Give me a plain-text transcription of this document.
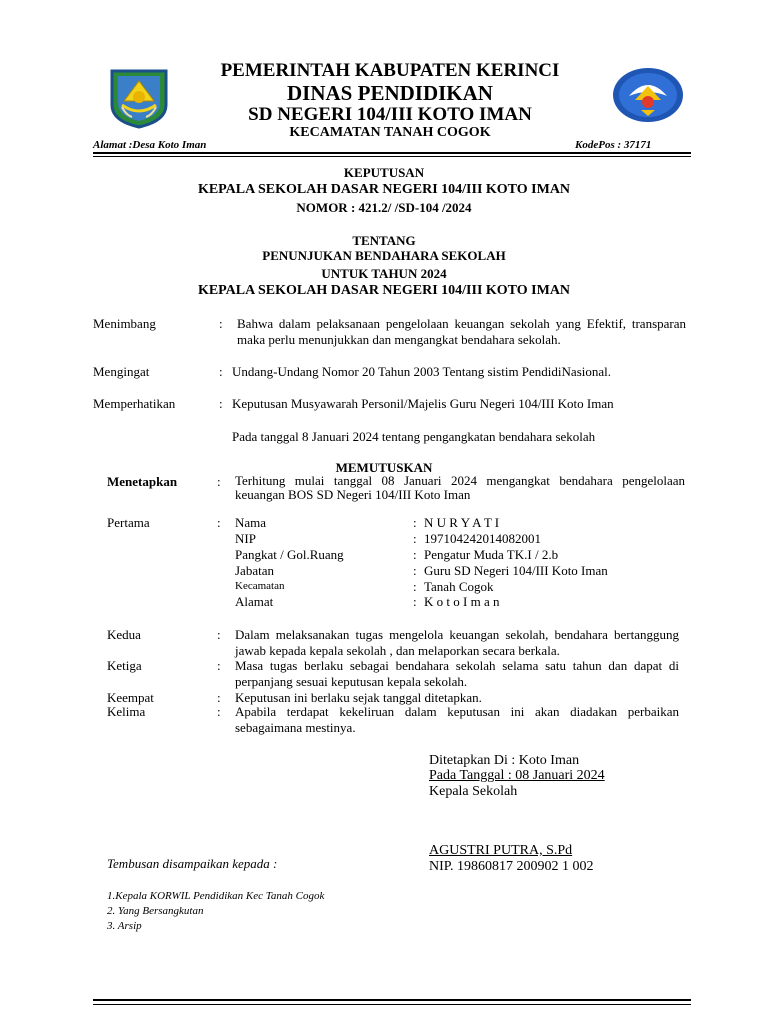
PEMERINTAH KABUPATEN KERINCI
DINAS PENDIDIKAN
SD NEGERI 104/III KOTO IMAN
KECAMATAN TANAH COGOK
Alamat :Desa Koto Iman	KodePos : 37171
KEPUTUSAN
KEPALA SEKOLAH DASAR NEGERI 104/III KOTO IMAN
NOMOR : 421.2/ /SD-104 /2024
TENTANG
PENUNJUKAN BENDAHARA SEKOLAH
UNTUK TAHUN 2024
KEPALA SEKOLAH DASAR NEGERI 104/III KOTO IMAN
Menimbang	: Bahwa dalam pelaksanaan pengelolaan keuangan sekolah yang Efektif, transparan maka perlu menunjukkan dan mengangkat bendahara sekolah.
Mengingat	: Undang-Undang Nomor 20 Tahun 2003 Tentang sistim PendidiNasional.
Memperhatikan	: Keputusan Musyawarah Personil/Majelis Guru Negeri 104/III Koto Iman
Pada tanggal 8 Januari 2024 tentang pengangkatan bendahara sekolah
MEMUTUSKAN
Menetapkan	: Terhitung mulai tanggal 08 Januari 2024 mengangkat bendahara pengelolaan keuangan BOS SD Negeri 104/III Koto Iman
Pertama	: Nama	: N U R Y A T I
NIP	: 197104242014082001
Pangkat / Gol.Ruang	: Pengatur Muda TK.I / 2.b
Jabatan	: Guru SD Negeri 104/III Koto Iman
Kecamatan	: Tanah Cogok
Alamat	: K o t o I m a n
Kedua	: Dalam melaksanakan tugas mengelola keuangan sekolah, bendahara bertanggung jawab kepada kepala sekolah , dan melaporkan secara berkala.
Ketiga	: Masa tugas berlaku sebagai bendahara sekolah selama satu tahun dan dapat di perpanjang sesuai keputusan kepala sekolah.
Keempat	: Keputusan ini berlaku sejak tanggal ditetapkan.
Kelima	: Apabila terdapat kekeliruan dalam keputusan ini akan diadakan perbaikan sebagaimana mestinya.
Ditetapkan Di : Koto Iman
Pada Tanggal : 08 Januari 2024
Kepala Sekolah
AGUSTRI PUTRA, S.Pd
NIP. 19860817 200902 1 002
Tembusan disampaikan kepada :
1.Kepala KORWIL Pendidikan Kec Tanah Cogok
2. Yang Bersangkutan
3. Arsip
